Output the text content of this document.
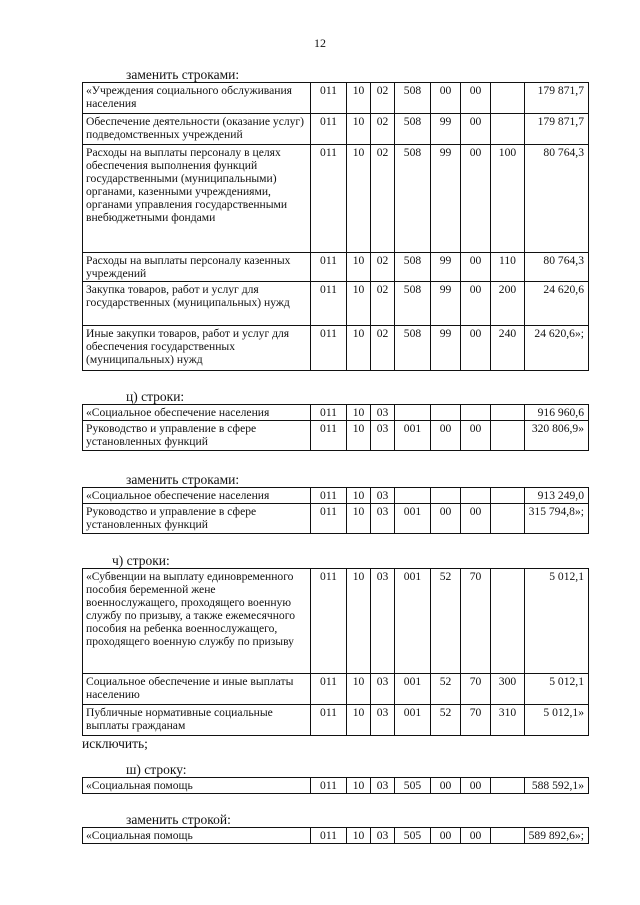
12
заменить строками:
«Учреждения социального обслуживания населения	011	10	02	508	00	00		179 871,7
Обеспечение деятельности (оказание услуг) подведомственных учреждений	011	10	02	508	99	00		179 871,7
Расходы на выплаты персоналу в целях обеспечения выполнения функций государственными (муниципальными) органами, казенными учреждениями, органами управления государственными внебюджетными фондами	011	10	02	508	99	00	100	80 764,3
Расходы на выплаты персоналу казенных учреждений	011	10	02	508	99	00	110	80 764,3
Закупка товаров, работ и услуг для государственных (муниципальных) нужд	011	10	02	508	99	00	200	24 620,6
Иные закупки товаров, работ и услуг для обеспечения государственных (муниципальных) нужд	011	10	02	508	99	00	240	24 620,6»;
ц) строки:
«Социальное обеспечение населения	011	10	03					916 960,6
Руководство и управление в сфере установленных функций	011	10	03	001	00	00		320 806,9»
заменить строками:
«Социальное обеспечение населения	011	10	03					913 249,0
Руководство и управление в сфере установленных функций	011	10	03	001	00	00		315 794,8»;
ч) строки:
«Субвенции на выплату единовременного пособия беременной жене военнослужащего, проходящего военную службу по призыву, а также ежемесячного пособия на ребенка военнослужащего, проходящего военную службу по призыву	011	10	03	001	52	70		5 012,1
Социальное обеспечение и иные выплаты населению	011	10	03	001	52	70	300	5 012,1
Публичные нормативные социальные выплаты гражданам	011	10	03	001	52	70	310	5 012,1»
исключить;
ш) строку:
«Социальная помощь	011	10	03	505	00	00		588 592,1»
заменить строкой:
«Социальная помощь	011	10	03	505	00	00		589 892,6»;
